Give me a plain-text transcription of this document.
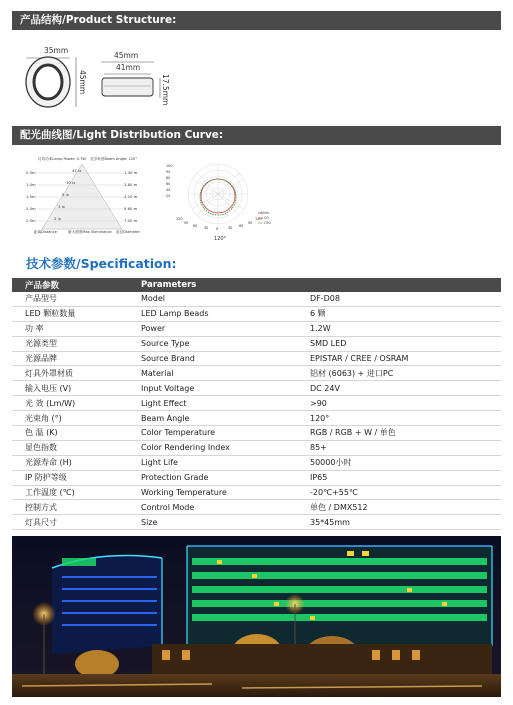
产品结构/Product Structure:
35mm
45mm
45mm
41mm
17.5mm
配光曲线图/Light Distribution Curve:
灯具功率Lamp Power: 0.7W 光学角度Beam Angle: 120°
0.5m	41 lx	1.40 m
1.0m	10 lx	2.80 m
1.5m	5 lx	4.20 m
2.0m	3 lx	5.60 m
2.5m	2 lx	7.00 m
距离Distance	最大照度Max Illuminance 直径Diameter
100
90
80
60
40
20
120
90
60 30 0	30 60
90
120
120°
cd/klm
C0
C90
技术参数/Specification:
产品参数	Parameters	
产品型号	Model	DF-D08
LED 颗粒数量	LED Lamp Beads	6 颗
功 率	Power	1.2W
光源类型	Source Type	SMD LED
光源品牌	Source Brand	EPISTAR / CREE / OSRAM
灯具外罩材质	Material	铝材 (6063) + 进口PC
输入电压 (V)	Input Voltage	DC 24V
光 效 (Lm/W)	Light Effect	>90
光束角 (°)	Beam Angle	120°
色 温 (K)	Color Temperature	RGB / RGB + W / 单色
显色指数	Color Rendering Index	85+
光源寿命 (H)	Light Life	50000小时
IP 防护等级	Protection Grade	IP65
工作温度 (℃)	Working Temperature	-20℃+55℃
控制方式	Control Mode	单色 / DMX512
灯具尺寸	Size	35*45mm
